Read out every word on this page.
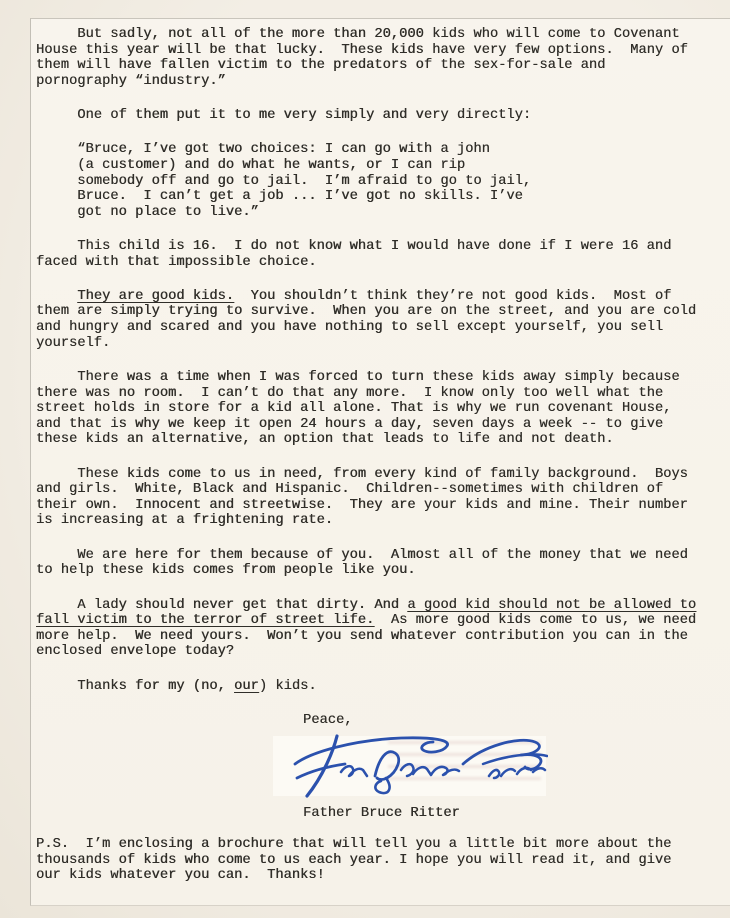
But sadly, not all of the more than 20,000 kids who will come to Covenant
House this year will be that lucky.  These kids have very few options.  Many of
them will have fallen victim to the predators of the sex-for-sale and
pornography “industry.”
One of them put it to me very simply and very directly:
“Bruce, I’ve got two choices: I can go with a john
(a customer) and do what he wants, or I can rip
somebody off and go to jail.  I’m afraid to go to jail,
Bruce.  I can’t get a job ... I’ve got no skills. I’ve
got no place to live.”
This child is 16.  I do not know what I would have done if I were 16 and
faced with that impossible choice.
They are good kids.  You shouldn’t think they’re not good kids.  Most of
them are simply trying to survive.  When you are on the street, and you are cold
and hungry and scared and you have nothing to sell except yourself, you sell
yourself.
There was a time when I was forced to turn these kids away simply because
there was no room.  I can’t do that any more.  I know only too well what the
street holds in store for a kid all alone. That is why we run covenant House,
and that is why we keep it open 24 hours a day, seven days a week -- to give
these kids an alternative, an option that leads to life and not death.
These kids come to us in need, from every kind of family background.  Boys
and girls.  White, Black and Hispanic.  Children--sometimes with children of
their own.  Innocent and streetwise.  They are your kids and mine. Their number
is increasing at a frightening rate.
We are here for them because of you.  Almost all of the money that we need
to help these kids comes from people like you.
A lady should never get that dirty. And a good kid should not be allowed to
fall victim to the terror of street life.  As more good kids come to us, we need
more help.  We need yours.  Won’t you send whatever contribution you can in the
enclosed envelope today?
Thanks for my (no, our) kids.
Peace,
Father Bruce Ritter
P.S.  I’m enclosing a brochure that will tell you a little bit more about the
thousands of kids who come to us each year. I hope you will read it, and give
our kids whatever you can.  Thanks!
